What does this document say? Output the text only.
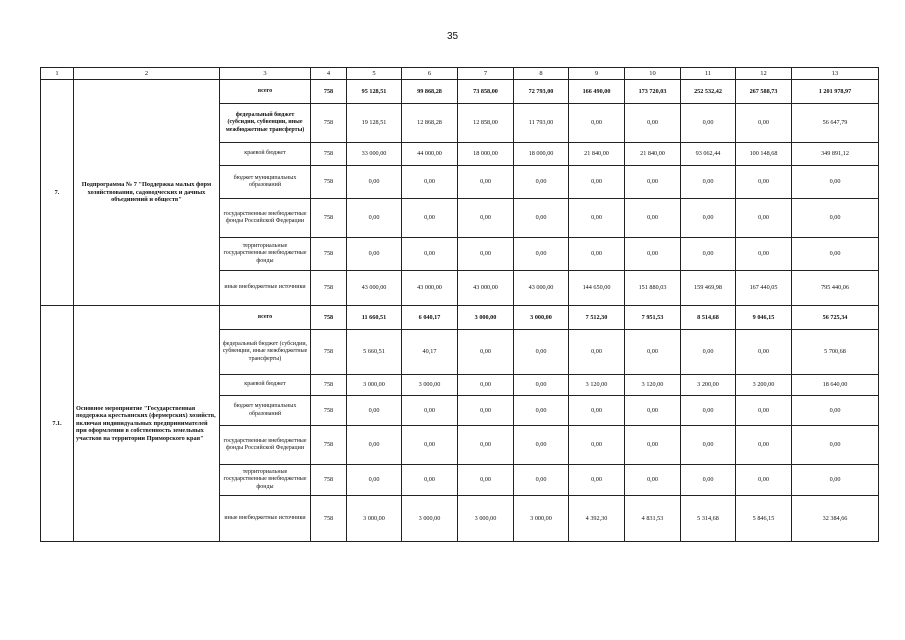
35
1	2	3	4	5	6	7	8	9	10	11	12	13
7.	Подпрограмма № 7 "Поддержка малых форм хозяйствования, садоводческих и дачных объединений и обществ"	всего	758	95 128,51	99 868,28	73 858,00	72 793,00	166 490,00	173 720,03	252 532,42	267 588,73	1 201 978,97
		федеральный бюджет (субсидии, субвенции, иные межбюджетные трансферты)	758	19 128,51	12 868,28	12 858,00	11 793,00	0,00	0,00	0,00	0,00	56 647,79
		краевой бюджет	758	33 000,00	44 000,00	18 000,00	18 000,00	21 840,00	21 840,00	93 062,44	100 148,68	349 891,12
		бюджет муниципальных образований	758	0,00	0,00	0,00	0,00	0,00	0,00	0,00	0,00	0,00
		государственные внебюджетные фонды Российской Федерации	758	0,00	0,00	0,00	0,00	0,00	0,00	0,00	0,00	0,00
		территориальные государственные внебюджетные фонды	758	0,00	0,00	0,00	0,00	0,00	0,00	0,00	0,00	0,00
		иные внебюджетные источники	758	43 000,00	43 000,00	43 000,00	43 000,00	144 650,00	151 880,03	159 469,98	167 440,05	795 440,06
7.1.	Основное мероприятие "Государственная поддержка крестьянских (фермерских) хозяйств, включая индивидуальных предпринимателей при оформлении в собственность земельных участков на территории Приморского края"	всего	758	11 660,51	6 040,17	3 000,00	3 000,00	7 512,30	7 951,53	8 514,68	9 046,15	56 725,34
		федеральный бюджет (субсидии, субвенции, иные межбюджетные трансферты)	758	5 660,51	40,17	0,00	0,00	0,00	0,00	0,00	0,00	5 700,68
		краевой бюджет	758	3 000,00	3 000,00	0,00	0,00	3 120,00	3 120,00	3 200,00	3 200,00	18 640,00
		бюджет муниципальных образований	758	0,00	0,00	0,00	0,00	0,00	0,00	0,00	0,00	0,00
		государственные внебюджетные фонды Российской Федерации	758	0,00	0,00	0,00	0,00	0,00	0,00	0,00	0,00	0,00
		территориальные государственные внебюджетные фонды	758	0,00	0,00	0,00	0,00	0,00	0,00	0,00	0,00	0,00
		иные внебюджетные источники	758	3 000,00	3 000,00	3 000,00	3 000,00	4 392,30	4 831,53	5 314,68	5 846,15	32 384,66
